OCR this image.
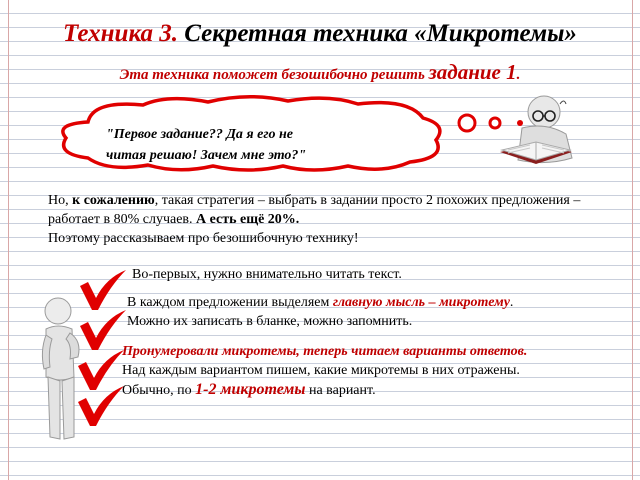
Техника 3. Секретная техника «Микротемы»
Эта техника поможет безошибочно решить задание 1.
"Первое задание?? Да я его не
читая решаю! Зачем мне это?"
Но, к сожалению, такая стратегия – выбрать в задании просто 2 похожих предложения – работает в 80% случаев. А есть ещё 20%.
Поэтому рассказываем про безошибочную технику!
Во-первых, нужно внимательно читать текст.
В каждом предложении выделяем главную мысль – микротему.
Можно их записать в бланке, можно запомнить.
Пронумеровали микротемы, теперь читаем варианты ответов.
Над каждым вариантом пишем, какие микротемы в них отражены.
Обычно, по 1-2 микротемы на вариант.
